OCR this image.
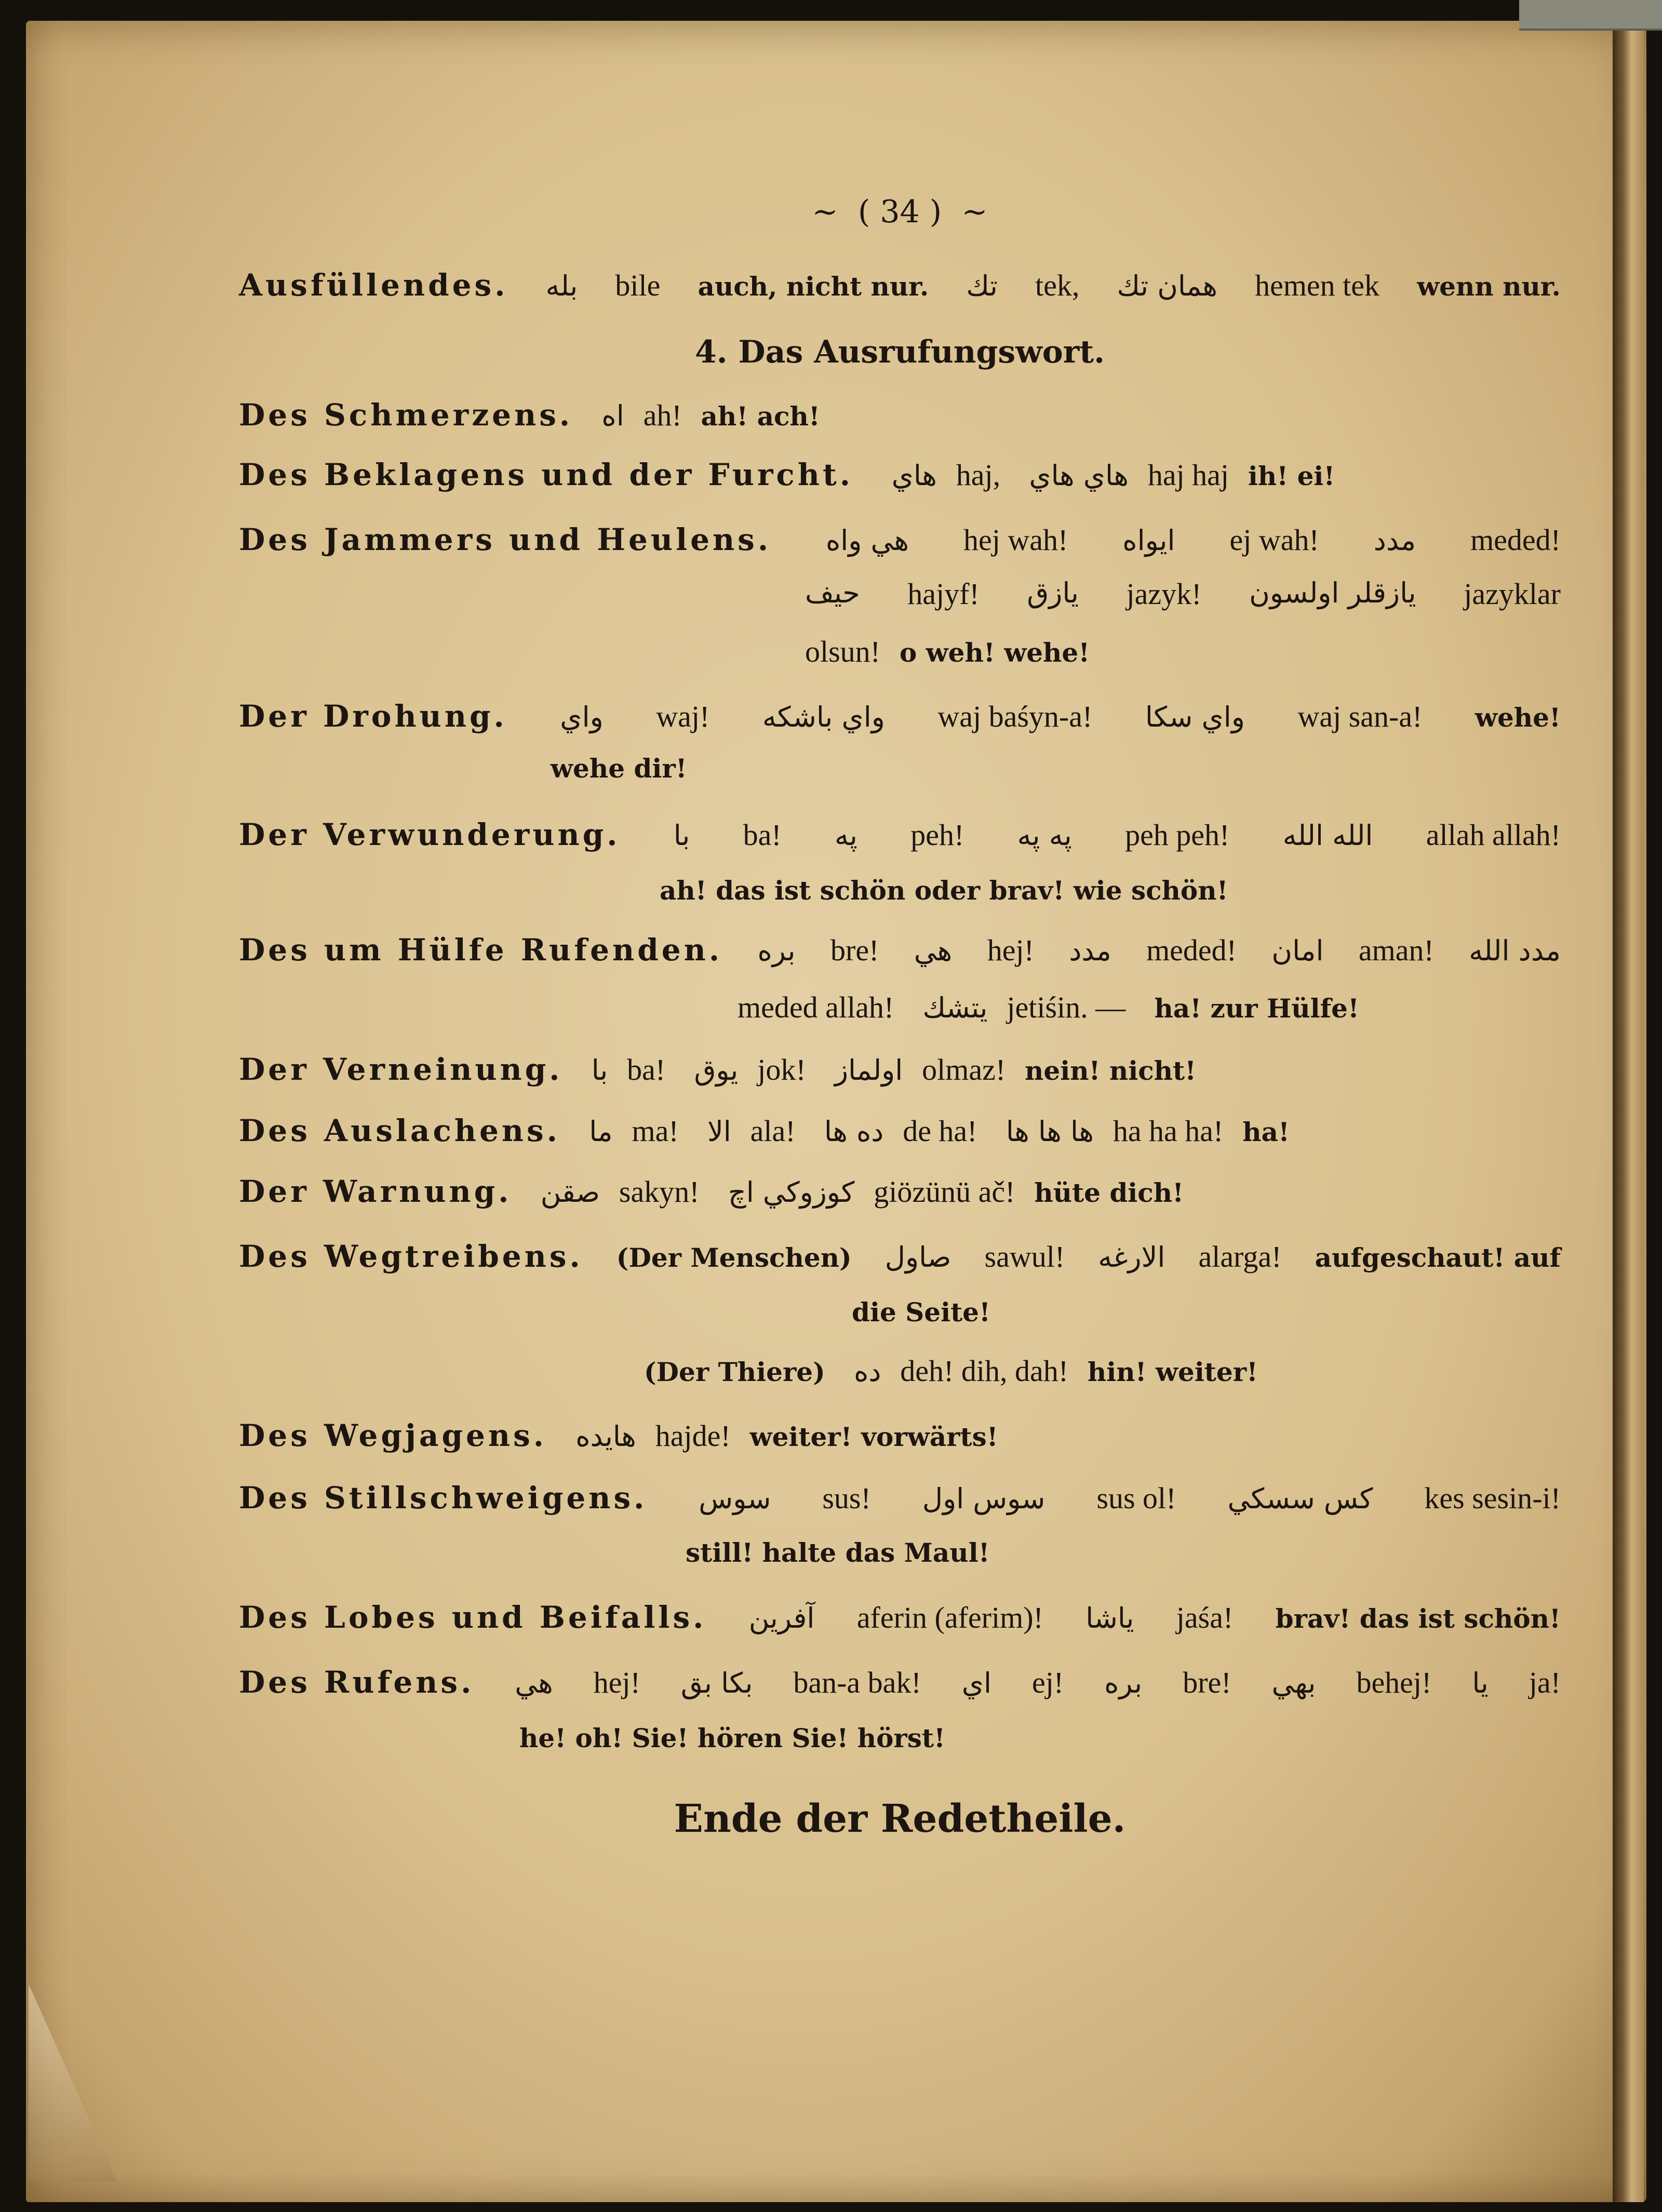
~ ( 34 ) ~
Ausfüllendes. بله bile auch, nicht nur. تك tek, همان تك hemen tek wenn nur.
4. Das Ausrufungswort.
Des Schmerzens. اه ah! ah! ach!
Des Beklagens und der Furcht. هاي haj, هاي هاي haj haj ih! ei!
Des Jammers und Heulens. هي واه hej wah! ايواه ej wah! مدد meded!
حيف hajyf! يازق jazyk! يازقلر اولسون jazyklar
olsun! o weh! wehe!
Der Drohung. واي waj! واي باشكه waj baśyn-a! واي سكا waj san-a! wehe!
wehe dir!
Der Verwunderung. با ba! په peh! په په peh peh! الله الله allah allah!
ah! das ist schön oder brav! wie schön!
Des um Hülfe Rufenden. بره bre! هي hej! مدد meded! امان aman! مدد الله
meded allah! يتشك jetiśin. — ha! zur Hülfe!
Der Verneinung. با ba! يوق jok! اولماز olmaz! nein! nicht!
Des Auslachens. ما ma! الا ala! ده ها de ha! ها ها ها ha ha ha! ha!
Der Warnung. صقن sakyn! كوزوكي اچ giözünü ač! hüte dich!
Des Wegtreibens. (Der Menschen) صاول sawul! الارغه alarga! aufgeschaut! auf
die Seite!
(Der Thiere) ده deh! dih, dah! hin! weiter!
Des Wegjagens. هايده hajde! weiter! vorwärts!
Des Stillschweigens. سوس sus! سوس اول sus ol! كس سسكي kes sesin-i!
still! halte das Maul!
Des Lobes und Beifalls. آفرين aferin (aferim)! ياشا jaśa! brav! das ist schön!
Des Rufens. هي hej! بكا بق ban-a bak! اي ej! بره bre! بهي behej! يا ja!
he! oh! Sie! hören Sie! hörst!
Ende der Redetheile.
